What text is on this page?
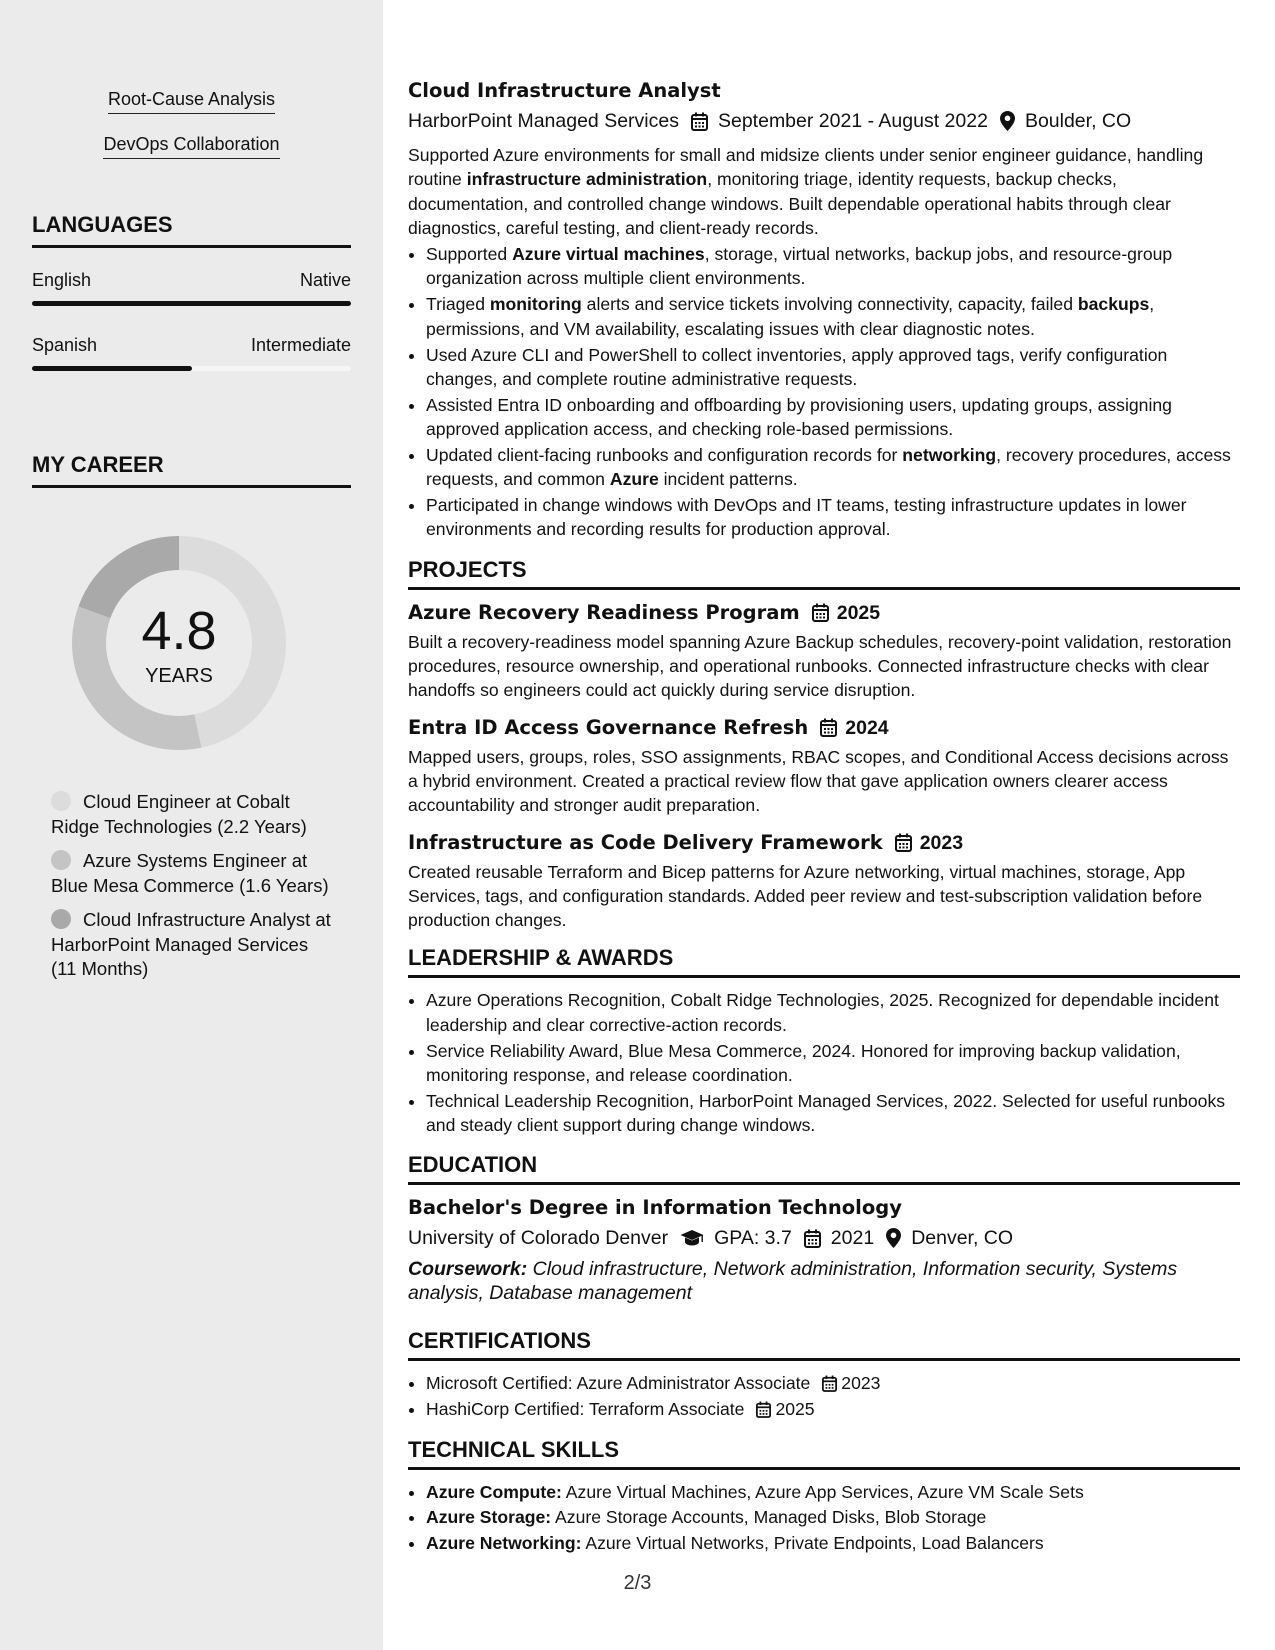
Root-Cause Analysis
DevOps Collaboration
LANGUAGES
English	Native
Spanish	Intermediate
MY CAREER
4.8
YEARS
Cloud Engineer at Cobalt Ridge Technologies (2.2 Years)
Azure Systems Engineer at Blue Mesa Commerce (1.6 Years)
Cloud Infrastructure Analyst at HarborPoint Managed Services (11 Months)
Cloud Infrastructure Analyst
HarborPoint Managed Services September 2021 - August 2022 Boulder, CO
Supported Azure environments for small and midsize clients under senior engineer guidance, handling routine infrastructure administration, monitoring triage, identity requests, backup checks, documentation, and controlled change windows. Built dependable operational habits through clear diagnostics, careful testing, and client-ready records.
• Supported Azure virtual machines, storage, virtual networks, backup jobs, and resource-group organization across multiple client environments.
• Triaged monitoring alerts and service tickets involving connectivity, capacity, failed backups, permissions, and VM availability, escalating issues with clear diagnostic notes.
• Used Azure CLI and PowerShell to collect inventories, apply approved tags, verify configuration changes, and complete routine administrative requests.
• Assisted Entra ID onboarding and offboarding by provisioning users, updating groups, assigning approved application access, and checking role-based permissions.
• Updated client-facing runbooks and configuration records for networking, recovery procedures, access requests, and common Azure incident patterns.
• Participated in change windows with DevOps and IT teams, testing infrastructure updates in lower environments and recording results for production approval.
PROJECTS
Azure Recovery Readiness Program 2025
Built a recovery-readiness model spanning Azure Backup schedules, recovery-point validation, restoration procedures, resource ownership, and operational runbooks. Connected infrastructure checks with clear handoffs so engineers could act quickly during service disruption.
Entra ID Access Governance Refresh 2024
Mapped users, groups, roles, SSO assignments, RBAC scopes, and Conditional Access decisions across a hybrid environment. Created a practical review flow that gave application owners clearer access accountability and stronger audit preparation.
Infrastructure as Code Delivery Framework 2023
Created reusable Terraform and Bicep patterns for Azure networking, virtual machines, storage, App Services, tags, and configuration standards. Added peer review and test-subscription validation before production changes.
LEADERSHIP & AWARDS
• Azure Operations Recognition, Cobalt Ridge Technologies, 2025. Recognized for dependable incident leadership and clear corrective-action records.
• Service Reliability Award, Blue Mesa Commerce, 2024. Honored for improving backup validation, monitoring response, and release coordination.
• Technical Leadership Recognition, HarborPoint Managed Services, 2022. Selected for useful runbooks and steady client support during change windows.
EDUCATION
Bachelor's Degree in Information Technology
University of Colorado Denver GPA: 3.7 2021 Denver, CO
Coursework: Cloud infrastructure, Network administration, Information security, Systems analysis, Database management
CERTIFICATIONS
• Microsoft Certified: Azure Administrator Associate 2023
• HashiCorp Certified: Terraform Associate 2025
TECHNICAL SKILLS
• Azure Compute: Azure Virtual Machines, Azure App Services, Azure VM Scale Sets
• Azure Storage: Azure Storage Accounts, Managed Disks, Blob Storage
• Azure Networking: Azure Virtual Networks, Private Endpoints, Load Balancers
2/3
